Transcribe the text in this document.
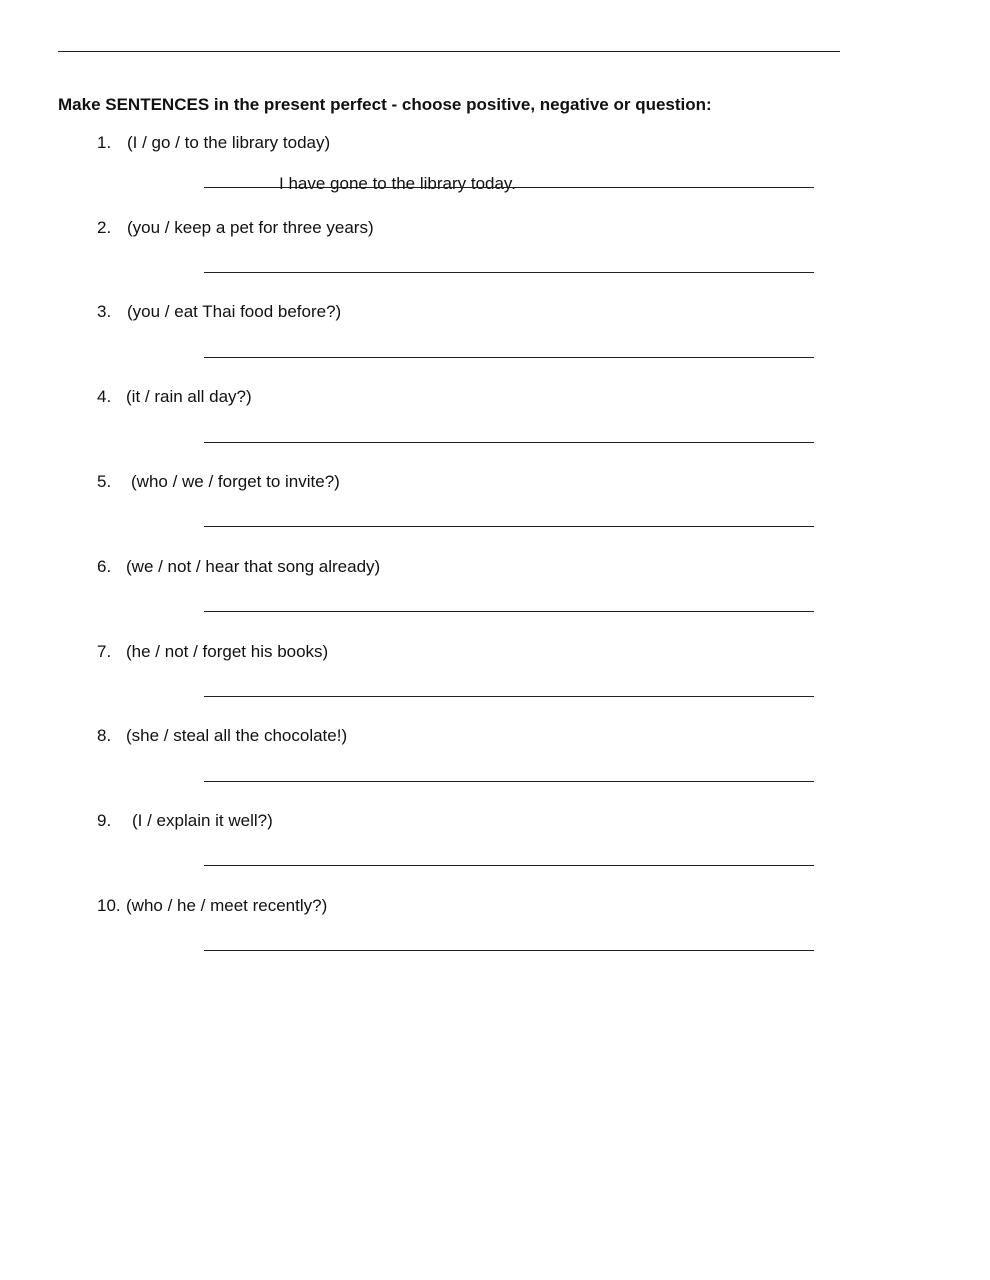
Make SENTENCES in the present perfect - choose positive, negative or question:
1. (I / go / to the library today)
I have gone to the library today.
2. (you / keep a pet for three years)
3. (you / eat Thai food before?)
4. (it / rain all day?)
5. (who / we / forget to invite?)
6. (we / not / hear that song already)
7. (he / not / forget his books)
8. (she / steal all the chocolate!)
9. (I / explain it well?)
10. (who / he / meet recently?)
